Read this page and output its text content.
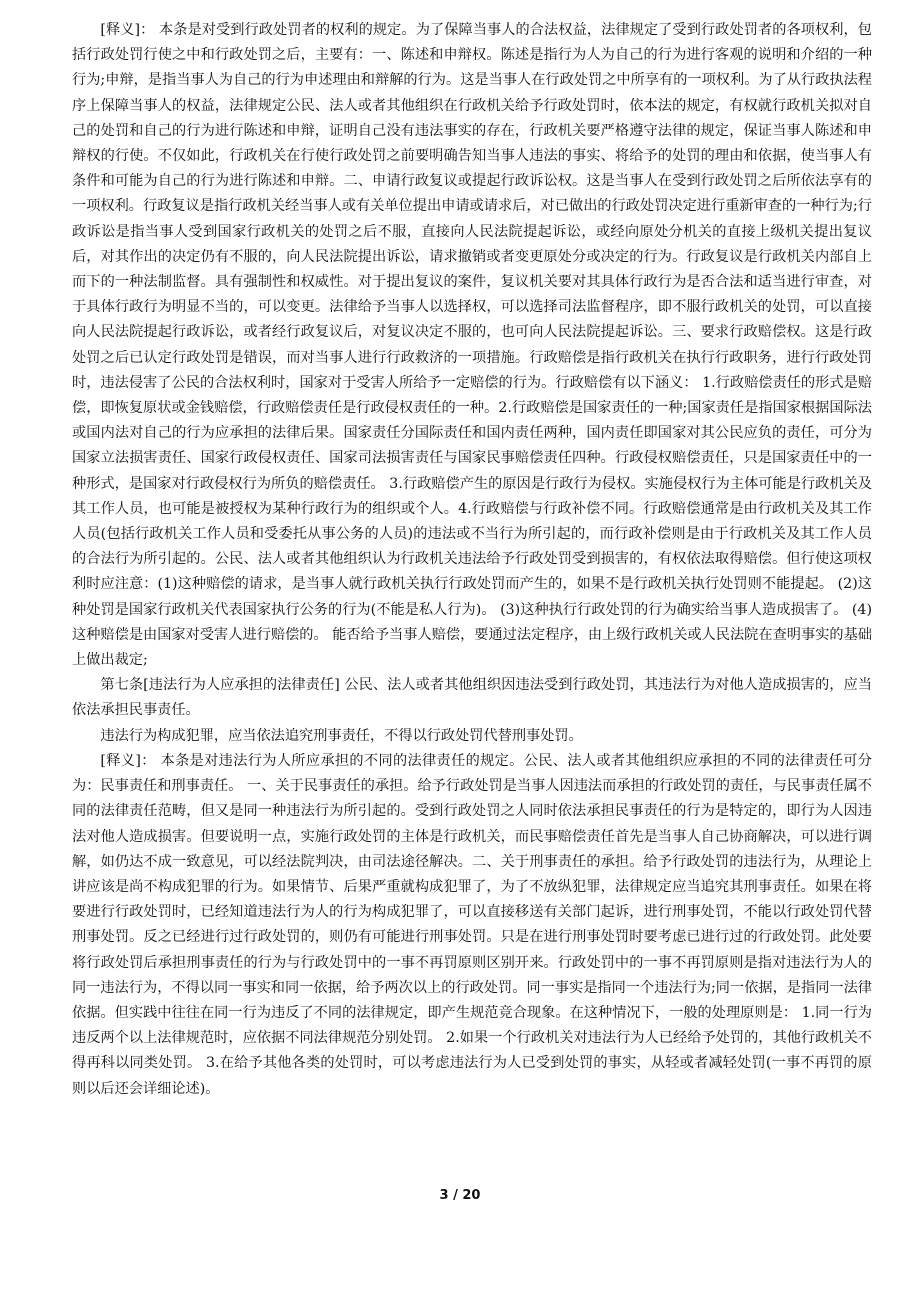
[释义]： 本条是对受到行政处罚者的权利的规定。为了保障当事人的合法权益，法律规定了受到行政处罚者的各项权利，包括行政处罚行使之中和行政处罚之后，主要有：一、陈述和申辩权。陈述是指行为人为自己的行为进行客观的说明和介绍的一种行为;申辩，是指当事人为自己的行为申述理由和辩解的行为。这是当事人在行政处罚之中所享有的一项权利。为了从行政执法程序上保障当事人的权益，法律规定公民、法人或者其他组织在行政机关给予行政处罚时，依本法的规定，有权就行政机关拟对自己的处罚和自己的行为进行陈述和申辩，证明自己没有违法事实的存在，行政机关要严格遵守法律的规定，保证当事人陈述和申辩权的行使。不仅如此，行政机关在行使行政处罚之前要明确告知当事人违法的事实、将给予的处罚的理由和依据，使当事人有条件和可能为自己的行为进行陈述和申辩。二、申请行政复议或提起行政诉讼权。这是当事人在受到行政处罚之后所依法享有的一项权利。行政复议是指行政机关经当事人或有关单位提出申请或请求后，对已做出的行政处罚决定进行重新审查的一种行为;行政诉讼是指当事人受到国家行政机关的处罚之后不服，直接向人民法院提起诉讼，或经向原处分机关的直接上级机关提出复议后，对其作出的决定仍有不服的，向人民法院提出诉讼，请求撤销或者变更原处分或决定的行为。行政复议是行政机关内部自上而下的一种法制监督。具有强制性和权威性。对于提出复议的案件，复议机关要对其具体行政行为是否合法和适当进行审查，对于具体行政行为明显不当的，可以变更。法律给予当事人以选择权，可以选择司法监督程序，即不服行政机关的处罚，可以直接向人民法院提起行政诉讼，或者经行政复议后，对复议决定不服的，也可向人民法院提起诉讼。三、要求行政赔偿权。这是行政处罚之后已认定行政处罚是错误，而对当事人进行行政救济的一项措施。行政赔偿是指行政机关在执行行政职务，进行行政处罚时，违法侵害了公民的合法权利时，国家对于受害人所给予一定赔偿的行为。行政赔偿有以下涵义： 1.行政赔偿责任的形式是赔偿，即恢复原状或金钱赔偿，行政赔偿责任是行政侵权责任的一种。2.行政赔偿是国家责任的一种;国家责任是指国家根据国际法或国内法对自己的行为应承担的法律后果。国家责任分国际责任和国内责任两种，国内责任即国家对其公民应负的责任，可分为国家立法损害责任、国家行政侵权责任、国家司法损害责任与国家民事赔偿责任四种。行政侵权赔偿责任，只是国家责任中的一种形式，是国家对行政侵权行为所负的赔偿责任。 3.行政赔偿产生的原因是行政行为侵权。实施侵权行为主体可能是行政机关及其工作人员，也可能是被授权为某种行政行为的组织或个人。4.行政赔偿与行政补偿不同。行政赔偿通常是由行政机关及其工作人员(包括行政机关工作人员和受委托从事公务的人员)的违法或不当行为所引起的，而行政补偿则是由于行政机关及其工作人员的合法行为所引起的。公民、法人或者其他组织认为行政机关违法给予行政处罚受到损害的，有权依法取得赔偿。但行使这项权利时应注意：(1)这种赔偿的请求，是当事人就行政机关执行行政处罚而产生的，如果不是行政机关执行处罚则不能提起。 (2)这种处罚是国家行政机关代表国家执行公务的行为(不能是私人行为)。 (3)这种执行行政处罚的行为确实给当事人造成损害了。 (4)这种赔偿是由国家对受害人进行赔偿的。 能否给予当事人赔偿，要通过法定程序，由上级行政机关或人民法院在查明事实的基础上做出裁定;

第七条[违法行为人应承担的法律责任] 公民、法人或者其他组织因违法受到行政处罚，其违法行为对他人造成损害的，应当依法承担民事责任。

违法行为构成犯罪，应当依法追究刑事责任，不得以行政处罚代替刑事处罚。

[释义]： 本条是对违法行为人所应承担的不同的法律责任的规定。公民、法人或者其他组织应承担的不同的法律责任可分为：民事责任和刑事责任。 一、关于民事责任的承担。给予行政处罚是当事人因违法而承担的行政处罚的责任，与民事责任属不同的法律责任范畴，但又是同一种违法行为所引起的。受到行政处罚之人同时依法承担民事责任的行为是特定的，即行为人因违法对他人造成损害。但要说明一点，实施行政处罚的主体是行政机关，而民事赔偿责任首先是当事人自己协商解决，可以进行调解，如仍达不成一致意见，可以经法院判决，由司法途径解决。二、关于刑事责任的承担。给予行政处罚的违法行为，从理论上讲应该是尚不构成犯罪的行为。如果情节、后果严重就构成犯罪了，为了不放纵犯罪，法律规定应当追究其刑事责任。如果在将要进行行政处罚时，已经知道违法行为人的行为构成犯罪了，可以直接移送有关部门起诉，进行刑事处罚，不能以行政处罚代替刑事处罚。反之已经进行过行政处罚的，则仍有可能进行刑事处罚。只是在进行刑事处罚时要考虑已进行过的行政处罚。此处要将行政处罚后承担刑事责任的行为与行政处罚中的一事不再罚原则区别开来。行政处罚中的一事不再罚原则是指对违法行为人的同一违法行为，不得以同一事实和同一依据，给予两次以上的行政处罚。同一事实是指同一个违法行为;同一依据，是指同一法律依据。但实践中往往在同一行为违反了不同的法律规定，即产生规范竞合现象。在这种情况下，一般的处理原则是： 1.同一行为违反两个以上法律规范时，应依据不同法律规范分别处罚。 2.如果一个行政机关对违法行为人已经给予处罚的，其他行政机关不得再科以同类处罚。 3.在给予其他各类的处罚时，可以考虑违法行为人已受到处罚的事实，从轻或者减轻处罚(一事不再罚的原则以后还会详细论述)。

3 / 20
